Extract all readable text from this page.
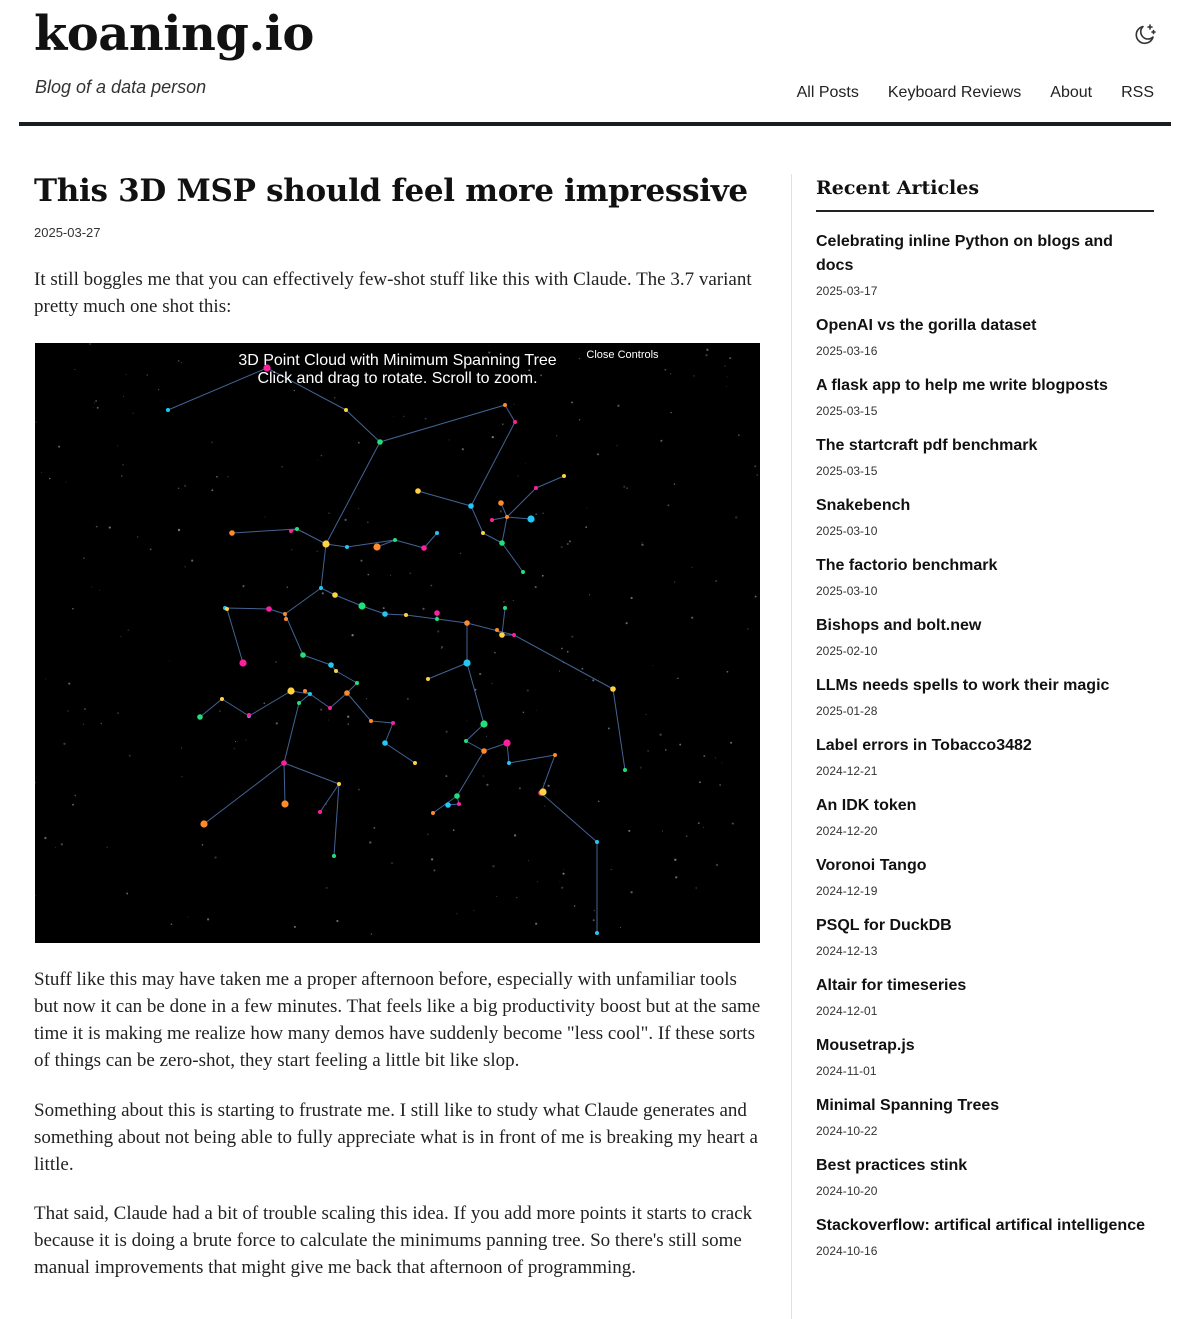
koaning.io
Blog of a data person	All Posts Keyboard Reviews About RSS
This 3D MSP should feel more impressive
2025-03-27

It still boggles me that you can effectively few-shot stuff like this with Claude. The 3.7 variant pretty much one shot this:

3D Point Cloud with Minimum Spanning Tree
Click and drag to rotate. Scroll to zoom.
Close Controls

Stuff like this may have taken me a proper afternoon before, especially with unfamiliar tools but now it can be done in a few minutes. That feels like a big productivity boost but at the same time it is making me realize how many demos have suddenly become "less cool". If these sorts of things can be zero-shot, they start feeling a little bit like slop.

Something about this is starting to frustrate me. I still like to study what Claude generates and something about not being able to fully appreciate what is in front of me is breaking my heart a little.

That said, Claude had a bit of trouble scaling this idea. If you add more points it starts to crack because it is doing a brute force to calculate the minimums panning tree. So there's still some manual improvements that might give me back that afternoon of programming.

Recent Articles
Celebrating inline Python on blogs and docs
2025-03-17
OpenAI vs the gorilla dataset
2025-03-16
A flask app to help me write blogposts
2025-03-15
The startcraft pdf benchmark
2025-03-15
Snakebench
2025-03-10
The factorio benchmark
2025-03-10
Bishops and bolt.new
2025-02-10
LLMs needs spells to work their magic
2025-01-28
Label errors in Tobacco3482
2024-12-21
An IDK token
2024-12-20
Voronoi Tango
2024-12-19
PSQL for DuckDB
2024-12-13
Altair for timeseries
2024-12-01
Mousetrap.js
2024-11-01
Minimal Spanning Trees
2024-10-22
Best practices stink
2024-10-20
Stackoverflow: artifical artifical intelligence
2024-10-16
